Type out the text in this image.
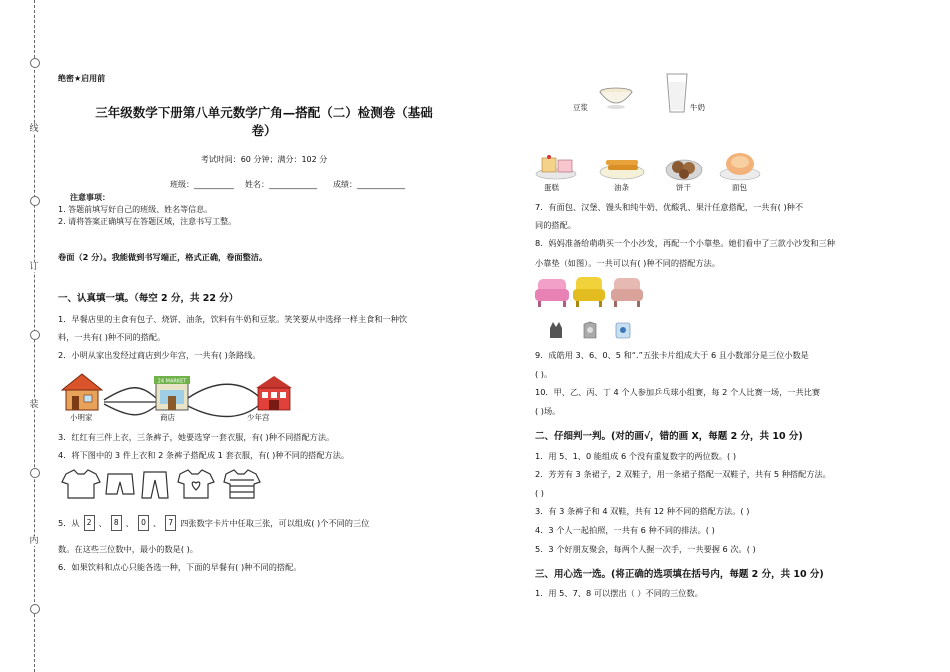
线
订
装
内
绝密★启用前
三年级数学下册第八单元数学广角—搭配（二）检测卷（基础
卷）
考试时间：60 分钟；满分：102 分
班级：__________ 姓名：____________ 成绩：____________
注意事项：
1. 答题前填写好自己的班级、姓名等信息。
2. 请将答案正确填写在答题区域，注意书写工整。
卷面（2 分）。我能做到书写端正，格式正确，卷面整洁。
一、认真填一填。（每空 2 分，共 22 分）
1．早餐店里的主食有包子、烧饼、油条，饮料有牛奶和豆浆。笑笑要从中选择一样主食和一种饮
料，一共有( )种不同的搭配。
2．小明从家出发经过商店到少年宫，一共有( )条路线。
24 MARKET
小明家	商店	少年宫
3．红红有三件上衣，三条裤子，她要选穿一套衣服，有( )种不同搭配方法。
4．将下图中的 3 件上衣和 2 条裤子搭配成 1 套衣服，有( )种不同的搭配方法。
5．从 2 、 8 、 0 、 7 四张数字卡片中任取三张，可以组成( )个不同的三位
数。在这些三位数中，最小的数是( )。
6．如果饮料和点心只能各选一种，下面的早餐有( )种不同的搭配。
豆浆	牛奶
蛋糕	油条	饼干	面包
7．有面包、汉堡、馒头和纯牛奶、优酸乳、果汁任意搭配，一共有( )种不
同的搭配。
8．妈妈准备给萌萌买一个小沙发，再配一个小靠垫。她们看中了三款小沙发和三种
小靠垫（如图）。一共可以有( )种不同的搭配方法。
9．成皓用 3、6、0、5 和“.”五张卡片组成大于 6 且小数部分是三位小数是
( )。
10．甲、乙、丙、丁 4 个人参加乒乓球小组赛，每 2 个人比赛一场，一共比赛
( )场。
二、仔细判一判。(对的画√，错的画 X，每题 2 分，共 10 分)
1．用 5、1、0 能组成 6 个没有重复数字的两位数。( )
2．芳芳有 3 条裙子，2 双鞋子，用一条裙子搭配一双鞋子，共有 5 种搭配方法。
( )
3．有 3 条裤子和 4 双鞋，共有 12 种不同的搭配方法。( )
4．3 个人一起拍照，一共有 6 种不同的排法。( )
5．3 个好朋友聚会，每两个人握一次手，一共要握 6 次。( )
三、用心选一选。(将正确的选项填在括号内，每题 2 分，共 10 分)
1．用 5、7、8 可以摆出（ ）不同的三位数。
